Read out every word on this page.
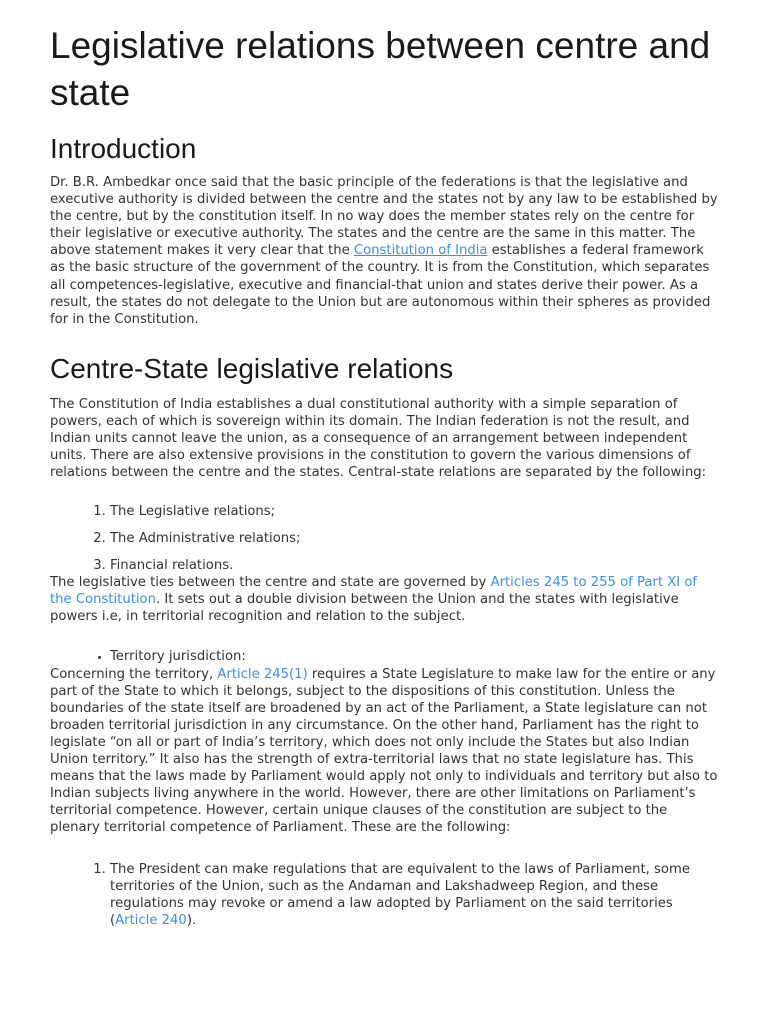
Legislative relations between centre and state
Introduction

Dr. B.R. Ambedkar once said that the basic principle of the federations is that the legislative and executive authority is divided between the centre and the states not by any law to be established by the centre, but by the constitution itself. In no way does the member states rely on the centre for their legislative or executive authority. The states and the centre are the same in this matter. The above statement makes it very clear that the Constitution of India establishes a federal framework as the basic structure of the government of the country. It is from the Constitution, which separates all competences-legislative, executive and financial-that union and states derive their power. As a result, the states do not delegate to the Union but are autonomous within their spheres as provided for in the Constitution.

Centre-State legislative relations

The Constitution of India establishes a dual constitutional authority with a simple separation of powers, each of which is sovereign within its domain. The Indian federation is not the result, and Indian units cannot leave the union, as a consequence of an arrangement between independent units. There are also extensive provisions in the constitution to govern the various dimensions of relations between the centre and the states. Central-state relations are separated by the following:

1. The Legislative relations;
2. The Administrative relations;
3. Financial relations.

The legislative ties between the centre and state are governed by Articles 245 to 255 of Part XI of the Constitution. It sets out a double division between the Union and the states with legislative powers i.e, in territorial recognition and relation to the subject.

• Territory jurisdiction:

Concerning the territory, Article 245(1) requires a State Legislature to make law for the entire or any part of the State to which it belongs, subject to the dispositions of this constitution. Unless the boundaries of the state itself are broadened by an act of the Parliament, a State legislature can not broaden territorial jurisdiction in any circumstance. On the other hand, Parliament has the right to legislate “on all or part of India’s territory, which does not only include the States but also Indian Union territory.” It also has the strength of extra-territorial laws that no state legislature has. This means that the laws made by Parliament would apply not only to individuals and territory but also to Indian subjects living anywhere in the world. However, there are other limitations on Parliament’s territorial competence. However, certain unique clauses of the constitution are subject to the plenary territorial competence of Parliament. These are the following:

1. The President can make regulations that are equivalent to the laws of Parliament, some territories of the Union, such as the Andaman and Lakshadweep Region, and these regulations may revoke or amend a law adopted by Parliament on the said territories (Article 240).
